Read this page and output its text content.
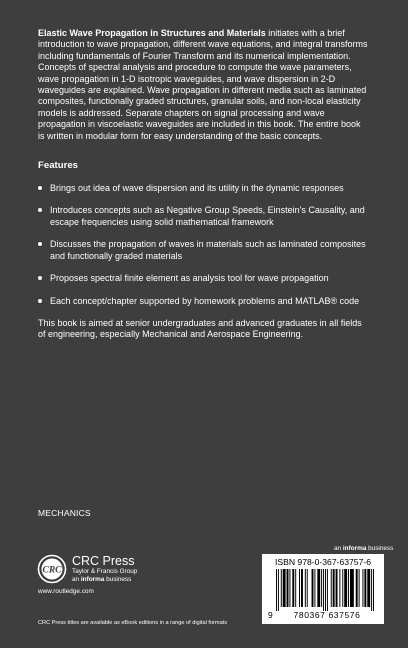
Elastic Wave Propagation in Structures and Materials initiates with a brief introduction to wave propagation, different wave equations, and integral transforms including fundamentals of Fourier Transform and its numerical implementation. Concepts of spectral analysis and procedure to compute the wave parameters, wave propagation in 1-D isotropic waveguides, and wave dispersion in 2-D waveguides are explained. Wave propagation in different media such as laminated composites, functionally graded structures, granular soils, and non-local elasticity models is addressed. Separate chapters on signal processing and wave propagation in viscoelastic waveguides are included in this book. The entire book is written in modular form for easy understanding of the basic concepts.

Features
Brings out idea of wave dispersion and its utility in the dynamic responses
Introduces concepts such as Negative Group Speeds, Einstein's Causality, and escape frequencies using solid mathematical framework
Discusses the propagation of waves in materials such as laminated composites and functionally graded materials
Proposes spectral finite element as analysis tool for wave propagation
Each concept/chapter supported by homework problems and MATLAB® code

This book is aimed at senior undergraduates and advanced graduates in all fields of engineering, especially Mechanical and Aerospace Engineering.

MECHANICS
CRC
CRC Press
Taylor & Francis Group
an informa business
www.routledge.com
CRC Press titles are available as eBook editions in a range of digital formats
an informa business
ISBN 978-0-367-63757-6
9	780367 637576
